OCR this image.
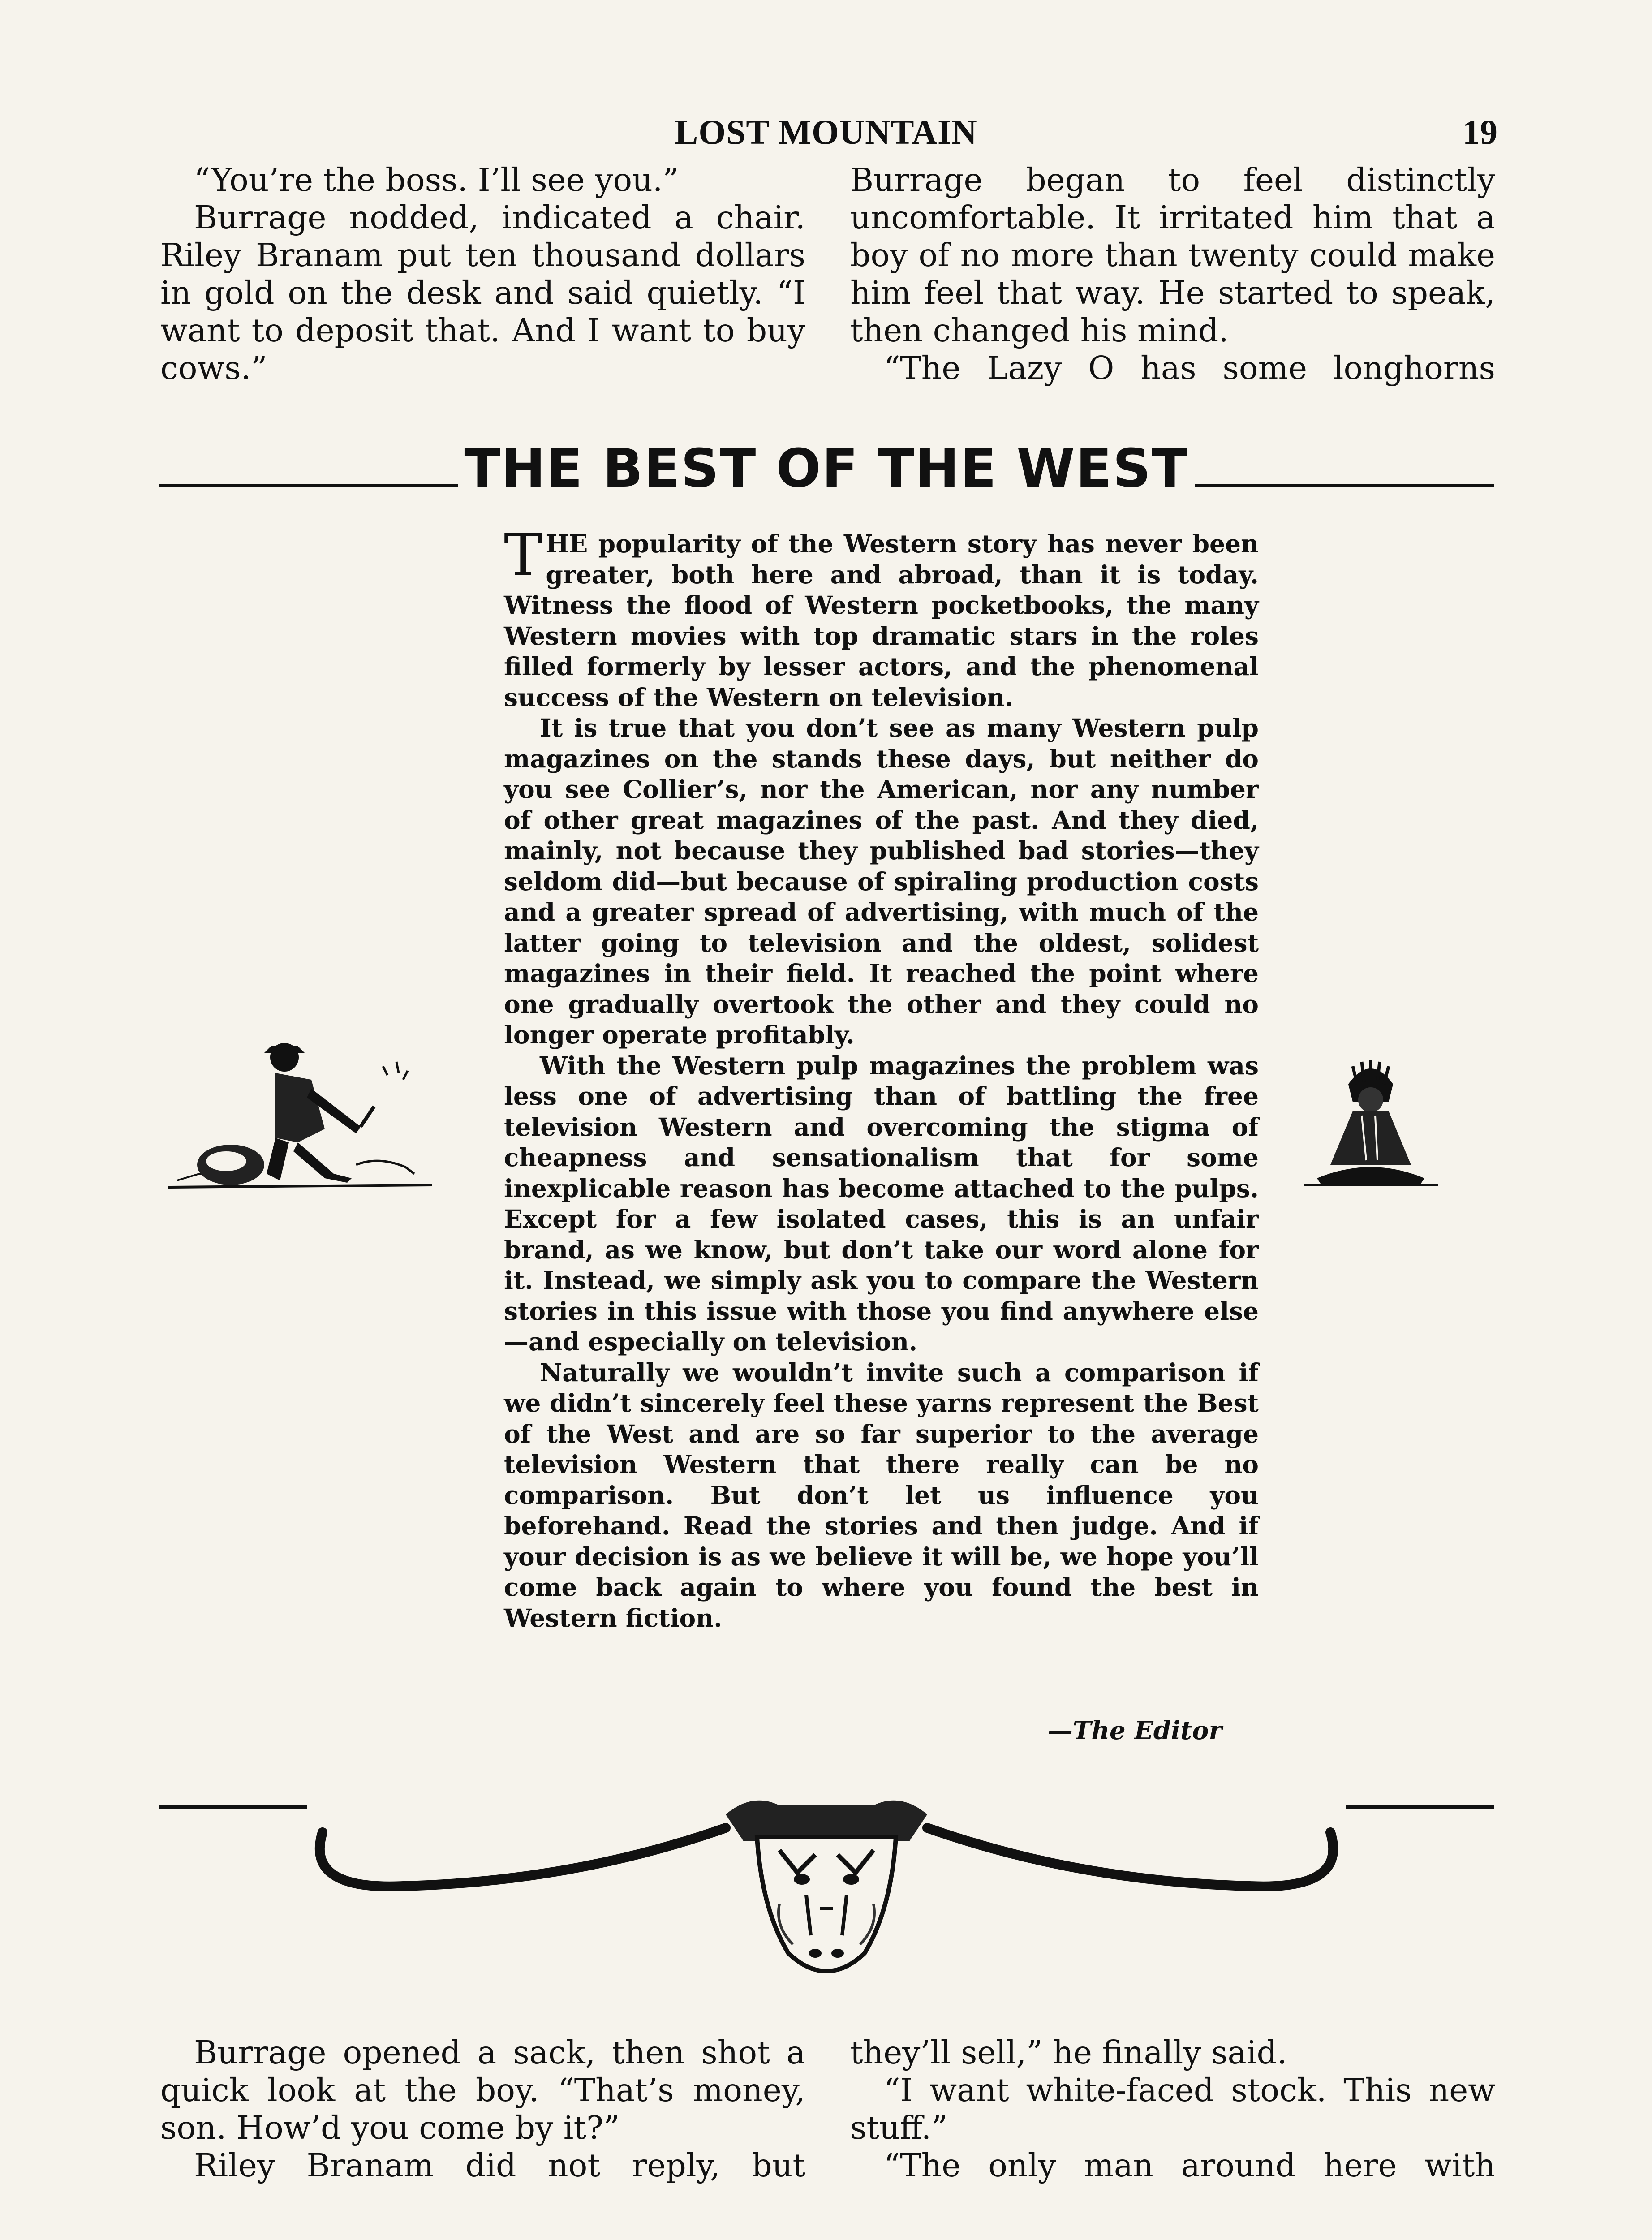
LOST MOUNTAIN	19

“You’re the boss. I’ll see you.”

Burrage nodded, indicated a chair. Riley Branam put ten thousand dollars in gold on the desk and said quietly. “I want to deposit that. And I want to buy cows.”

Burrage began to feel distinctly uncomfortable. It irritated him that a boy of no more than twenty could make him feel that way. He started to speak, then changed his mind.

“The Lazy O has some longhorns

THE BEST OF THE WEST

THE popularity of the Western story has never been greater, both here and abroad, than it is today. Witness the flood of Western pocketbooks, the many Western movies with top dramatic stars in the roles filled formerly by lesser actors, and the phenomenal success of the Western on television.

It is true that you don’t see as many Western pulp magazines on the stands these days, but neither do you see Collier’s, nor the American, nor any number of other great magazines of the past. And they died, mainly, not because they published bad stories—they seldom did—but because of spiraling production costs and a greater spread of advertising, with much of the latter going to television and the oldest, solidest magazines in their field. It reached the point where one gradually overtook the other and they could no longer operate profitably.

With the Western pulp magazines the problem was less one of advertising than of battling the free television Western and overcoming the stigma of cheapness and sensationalism that for some inexplicable reason has become attached to the pulps. Except for a few isolated cases, this is an unfair brand, as we know, but don’t take our word alone for it. Instead, we simply ask you to compare the Western stories in this issue with those you find anywhere else—and especially on television.

Naturally we wouldn’t invite such a comparison if we didn’t sincerely feel these yarns represent the Best of the West and are so far superior to the average television Western that there really can be no comparison. But don’t let us influence you beforehand. Read the stories and then judge. And if your decision is as we believe it will be, we hope you’ll come back again to where you found the best in Western fiction.

—The Editor

Burrage opened a sack, then shot a quick look at the boy. “That’s money, son. How’d you come by it?”

Riley Branam did not reply, but

they’ll sell,” he finally said.

“I want white-faced stock. This new stuff.”

“The only man around here with
